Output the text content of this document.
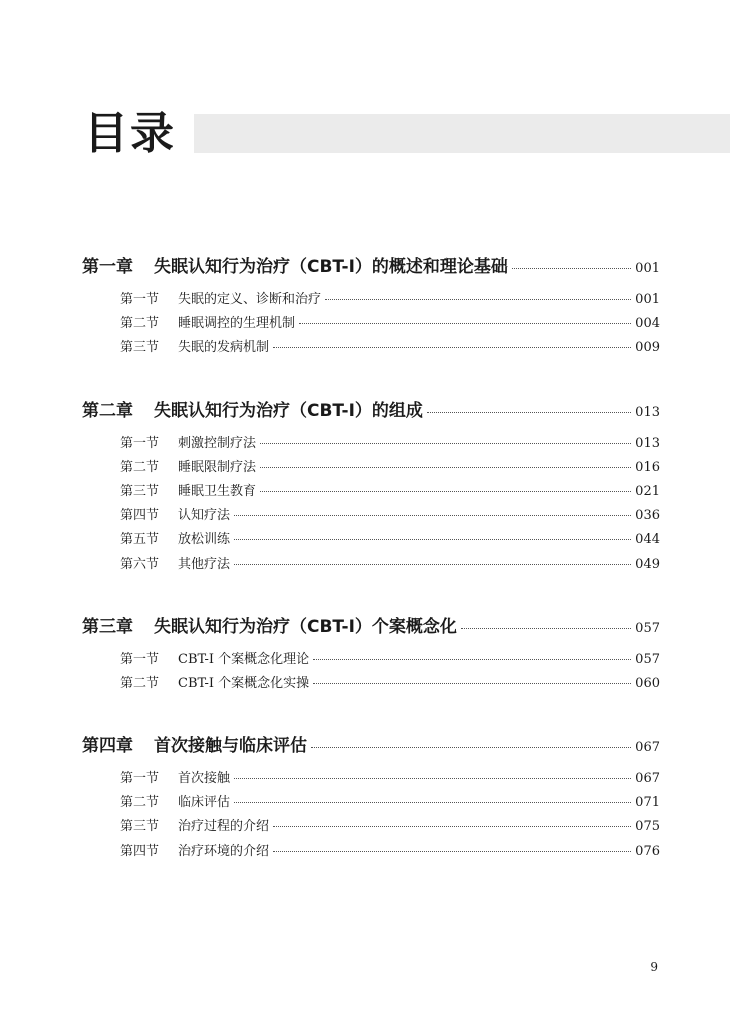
目录
第一章	失眠认知行为治疗（CBT-I）的概述和理论基础	001
第一节	失眠的定义、诊断和治疗	001
第二节	睡眠调控的生理机制	004
第三节	失眠的发病机制	009
第二章	失眠认知行为治疗（CBT-I）的组成	013
第一节	刺激控制疗法	013
第二节	睡眠限制疗法	016
第三节	睡眠卫生教育	021
第四节	认知疗法	036
第五节	放松训练	044
第六节	其他疗法	049
第三章	失眠认知行为治疗（CBT-I）个案概念化	057
第一节	CBT-I 个案概念化理论	057
第二节	CBT-I 个案概念化实操	060
第四章	首次接触与临床评估	067
第一节	首次接触	067
第二节	临床评估	071
第三节	治疗过程的介绍	075
第四节	治疗环境的介绍	076
9
